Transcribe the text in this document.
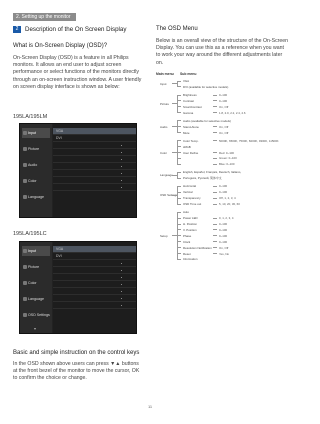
2. Setting up the monitor
2	Description of the On Screen Display
What is On-Screen Display (OSD)?
On-Screen Display (OSD) is a feature in all Philips monitors. It allows an end user to adjust screen performance or select functions of the monitors directly through an on-screen instruction window. A user friendly on screen display interface is shown as below:
195LA/195LM
Input
Picture
Audio
Color
Language
VGA
DVI
195LA/195LC
Input
Picture
Color
Language
OSD Settings
▾
VGA
DVI
Basic and simple instruction on the control keys
In the OSD shown above users can press ▼▲ buttons at the front bezel of the monitor to move the cursor, OK to confirm the choice or change.
The OSD Menu
Below is an overall view of the structure of the On-Screen Display. You can use this as a reference when you want to work your way around the different adjustments later on.
Main menu Sub menu
Input
VGA
DVI (available for selective models)
Picture
Brightness	0~100
Contrast	0~100
SmartContrast	On, Off
Gamma	1.8, 2.0, 2.2, 2.4, 2.6
Audio
Audio (available for selective models)
Stand-Alone	On, Off
Mute	On, Off
Color
Color Temp.	5000K, 6500K, 7500K, 8200K, 9300K, 11500K
sRGB
User Define	Red: 0~100
Green: 0~100
Blue: 0~100
Language
English, Español, Français, Deutsch, Italiano,
Português, Русский, 简体中文
OSD Settings
Horizontal	0~100
Vertical	0~100
Transparency	Off, 1, 2, 3, 4
OSD Time out	5, 10, 20, 30, 60
Setup
Auto
Power LED	0, 1, 2, 3, 4
H. Position	0~100
V. Position	0~100
Phase	0~100
Clock	0~100
Resolution Notification On, Off
Reset	Yes, No
Information
11
